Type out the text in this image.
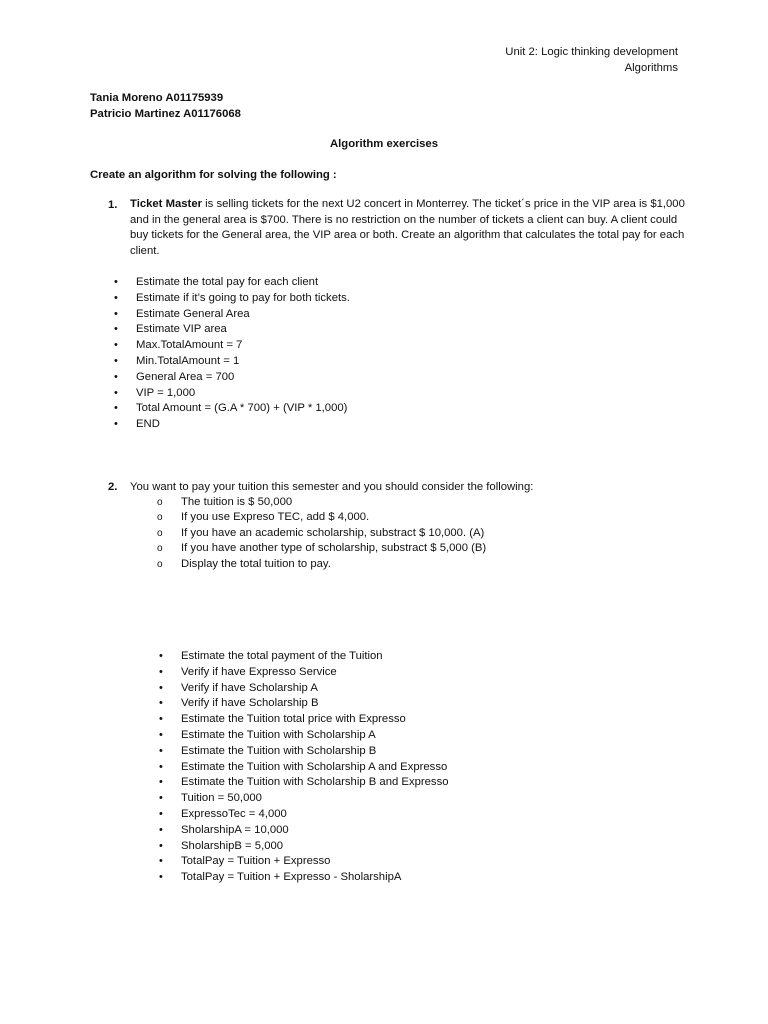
Unit 2: Logic thinking development
Algorithms
Tania Moreno A01175939
Patricio Martinez A01176068
Algorithm exercises
Create an algorithm for solving the following :
1. Ticket Master is selling tickets for the next U2 concert in Monterrey. The ticket´s price in the VIP area is $1,000 and in the general area is $700. There is no restriction on the number of tickets a client can buy. A client could buy tickets for the General area, the VIP area or both. Create an algorithm that calculates the total pay for each client.
• Estimate the total pay for each client
• Estimate if it’s going to pay for both tickets.
• Estimate General Area
• Estimate VIP area
• Max.TotalAmount = 7
• Min.TotalAmount = 1
• General Area = 700
• VIP = 1,000
• Total Amount = (G.A * 700) + (VIP * 1,000)
• END
2. You want to pay your tuition this semester and you should consider the following:
o The tuition is $ 50,000
o If you use Expreso TEC, add $ 4,000.
o If you have an academic scholarship, substract $ 10,000. (A)
o If you have another type of scholarship, substract $ 5,000 (B)
o Display the total tuition to pay.
• Estimate the total payment of the Tuition
• Verify if have Expresso Service
• Verify if have Scholarship A
• Verify if have Scholarship B
• Estimate the Tuition total price with Expresso
• Estimate the Tuition with Scholarship A
• Estimate the Tuition with Scholarship B
• Estimate the Tuition with Scholarship A and Expresso
• Estimate the Tuition with Scholarship B and Expresso
• Tuition = 50,000
• ExpressoTec = 4,000
• SholarshipA = 10,000
• SholarshipB = 5,000
• TotalPay = Tuition + Expresso
• TotalPay = Tuition + Expresso - SholarshipA
